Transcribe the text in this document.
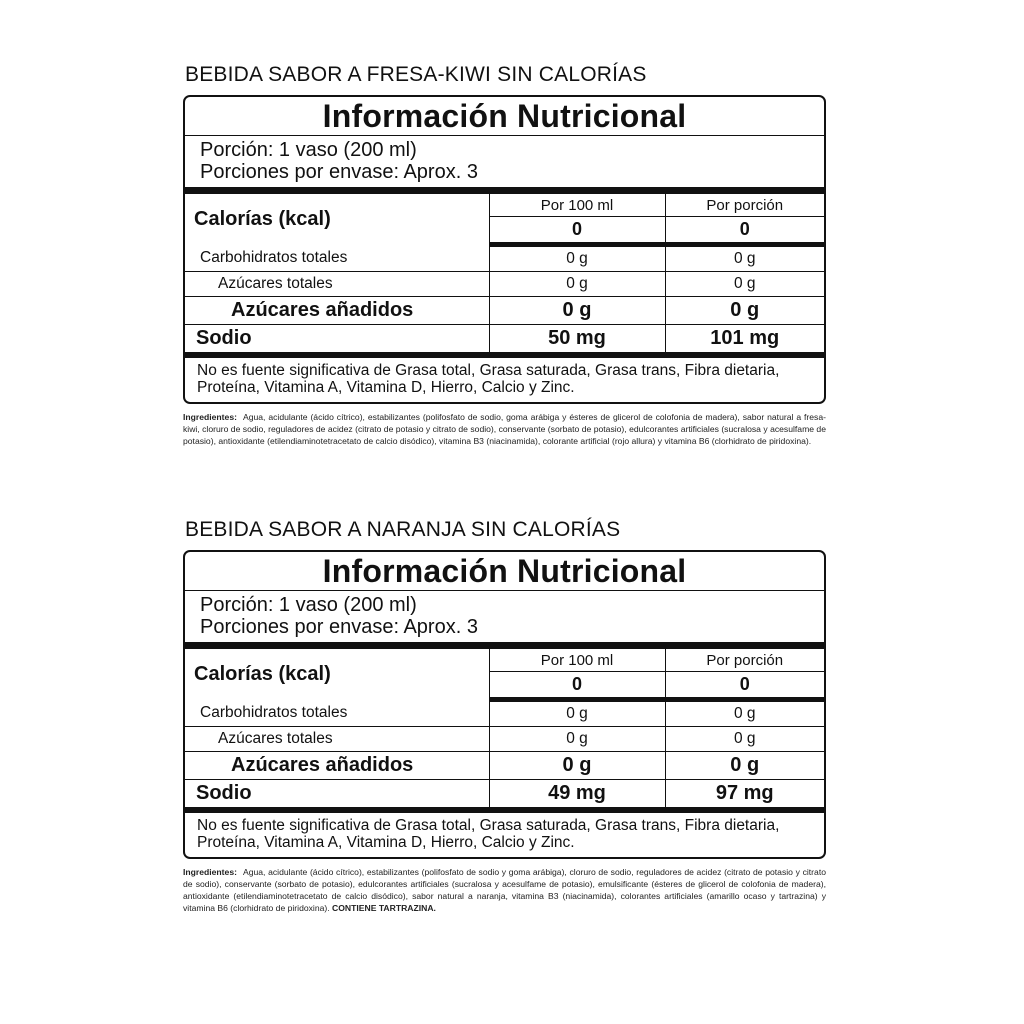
BEBIDA SABOR A FRESA-KIWI SIN CALORÍAS
Información Nutricional
Porción: 1 vaso (200 ml)
Porciones por envase: Aprox. 3
Calorías (kcal)	Por 100 ml	Por porción
	0	0
Carbohidratos totales	0 g	0 g
Azúcares totales	0 g	0 g
Azúcares añadidos	0 g	0 g
Sodio	50 mg	101 mg
No es fuente significativa de Grasa total, Grasa saturada, Grasa trans, Fibra dietaria, Proteína, Vitamina A, Vitamina D, Hierro, Calcio y Zinc.
Ingredientes: Agua, acidulante (ácido cítrico), estabilizantes (polifosfato de sodio, goma arábiga y ésteres de glicerol de colofonia de madera), sabor natural a fresa-kiwi, cloruro de sodio, reguladores de acidez (citrato de potasio y citrato de sodio), conservante (sorbato de potasio), edulcorantes artificiales (sucralosa y acesulfame de potasio), antioxidante (etilendiaminotetracetato de calcio disódico), vitamina B3 (niacinamida), colorante artificial (rojo allura) y vitamina B6 (clorhidrato de piridoxina).
BEBIDA SABOR A NARANJA SIN CALORÍAS
Información Nutricional
Porción: 1 vaso (200 ml)
Porciones por envase: Aprox. 3
Calorías (kcal)	Por 100 ml	Por porción
	0	0
Carbohidratos totales	0 g	0 g
Azúcares totales	0 g	0 g
Azúcares añadidos	0 g	0 g
Sodio	49 mg	97 mg
No es fuente significativa de Grasa total, Grasa saturada, Grasa trans, Fibra dietaria, Proteína, Vitamina A, Vitamina D, Hierro, Calcio y Zinc.
Ingredientes: Agua, acidulante (ácido cítrico), estabilizantes (polifosfato de sodio y goma arábiga), cloruro de sodio, reguladores de acidez (citrato de potasio y citrato de sodio), conservante (sorbato de potasio), edulcorantes artificiales (sucralosa y acesulfame de potasio), emulsificante (ésteres de glicerol de colofonia de madera), antioxidante (etilendiaminotetracetato de calcio disódico), sabor natural a naranja, vitamina B3 (niacinamida), colorantes artificiales (amarillo ocaso y tartrazina) y vitamina B6 (clorhidrato de piridoxina). CONTIENE TARTRAZINA.
